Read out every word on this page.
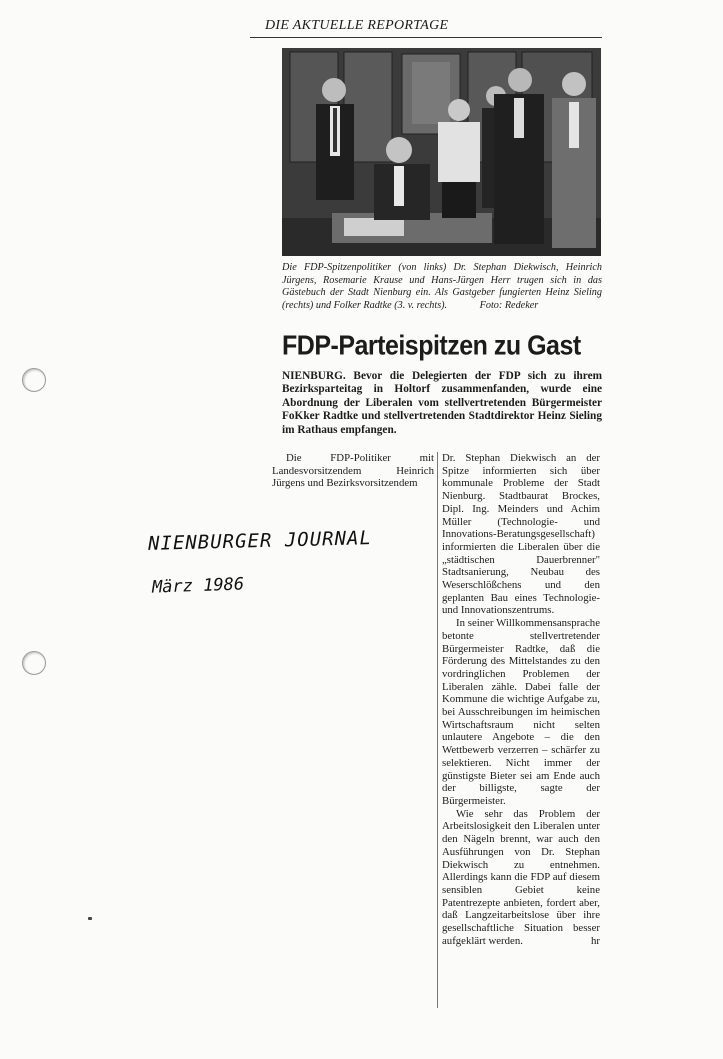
DIE AKTUELLE REPORTAGE
Die FDP-Spitzenpolitiker (von links) Dr. Stephan Diekwisch, Heinrich Jürgens, Rosemarie Krause und Hans-Jürgen Herr trugen sich in das Gästebuch der Stadt Nienburg ein. Als Gastgeber fungierten Heinz Sieling (rechts) und Folker Radtke (3. v. rechts).	Foto: Redeker
FDP-Parteispitzen zu Gast
NIENBURG. Bevor die Delegierten der FDP sich zu ihrem Bezirksparteitag in Holtorf zusammenfanden, wurde eine Abordnung der Liberalen vom stellvertretenden Bürgermeister FoKker Radtke und stellvertretenden Stadtdirektor Heinz Sieling im Rathaus empfangen.

Die FDP-Politiker mit Landesvorsitzendem Heinrich Jürgens und Bezirksvorsitzendem

Dr. Stephan Diekwisch an der Spitze informierten sich über kommunale Probleme der Stadt Nienburg. Stadtbaurat Brockes, Dipl. Ing. Meinders und Achim Müller (Technologie- und Innovations-Beratungsgesellschaft) informierten die Liberalen über die „städtischen Dauerbrenner" Stadtsanierung, Neubau des Weserschlößchens und den geplanten Bau eines Technologie- und Innovationszentrums.

In seiner Willkommensansprache betonte stellvertretender Bürgermeister Radtke, daß die Förderung des Mittelstandes zu den vordringlichen Problemen der Liberalen zähle. Dabei falle der Kommune die wichtige Aufgabe zu, bei Ausschreibungen im heimischen Wirtschaftsraum nicht selten unlautere Angebote – die den Wettbewerb verzerren – schärfer zu selektieren. Nicht immer der günstigste Bieter sei am Ende auch der billigste, sagte der Bürgermeister.

Wie sehr das Problem der Arbeitslosigkeit den Liberalen unter den Nägeln brennt, war auch den Ausführungen von Dr. Stephan Diekwisch zu entnehmen. Allerdings kann die FDP auf diesem sensiblen Gebiet keine Patentrezepte anbieten, fordert aber, daß Langzeitarbeitslose über ihre gesellschaftliche Situation besser aufgeklärt werden.	hr

NIENBURGER JOURNAL
März 1986
